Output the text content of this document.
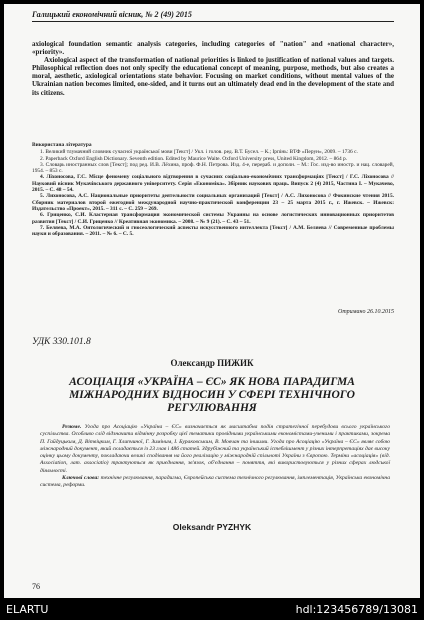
Галицький економічний вісник, № 2 (49) 2015

axiological foundation semantic analysis categories, including categories of "nation" and «national character», «priority».

Axiological aspect of the transformation of national priorities is linked to justification of national values and targets. Philosophical reflection does not only specify the educational concept of meaning, purpose, methods, but also creates a moral, aesthetic, axiological orientations state behavior. Focusing on market conditions, without mental values of the Ukrainian nation becomes limited, one-sided, and it turns out an ultimately dead end in the development of the state and its citizens.

Використана література
1. Великий тлумачний словник сучасної української мови [Текст] / Укл. і голов. ред. В.Т. Бусел. – К.; Ірпінь: ВТФ «Перун», 2009. – 1736 с.
2. Paperback Oxford English Dictionary. Seventh edition. Edited by Maurice Waite. Oxford University press, United Kingdom, 2012. – 864 р.
3. Словарь иностранных слов [Текст]; под ред. И.В. Лёхина, проф. Ф.Н. Петрова. Изд. 4-е, перераб. и дополн. – М.: Гос. изд-во иностр. и нац. словарей, 1954. – 853 с.
4. Ліхоносова, Г.С. Місце феномену соціального відтворення в сучасних соціально-економічних трансформаціях [Текст] / Г.С. Ліхоносова // Науковий вісник Мукачівського державного університету. Серія «Економіка». Збірник наукових праць. Випуск 2 (4) 2015, Частина І. – Мукачево, 2015. – С. 48 – 54.
5. Лихоносова, А.С. Национальные приоритеты деятельности социальных организаций [Текст] / А.С. Лихоносова // Фокинские чтения 2015. Сборник материалов второй ежегодной международной научно-практической конференции 23 – 25 марта 2015 г., г. Ижевск. – Ижевск: Издательство «Проект», 2015. – 311 с. – С. 259 – 269.
6. Гриценко, С.И. Кластерная трансформация экономической системы Украины на основе логистических инновационных приоритетов развития [Текст] / С.И. Гриценко // Креативная экономика. – 2008. – № 9 (21). – С. 43 – 51.
7. Беляева, М.А. Онтологический и гносеологический аспекты искусственного интеллекта [Текст] / А.М. Беляева // Современные проблемы науки и образования. – 2011. – № 6. – С. 5.
Отримано 26.10.2015
УДК 330.101.8
Олександр ПИЖИК
АСОЦІАЦІЯ «УКРАЇНА – ЄС» ЯК НОВА ПАРАДИГМА МІЖНАРОДНИХ ВІДНОСИН У СФЕРІ ТЕХНІЧНОГО РЕГУЛЮВАННЯ

Резюме. Угода про Асоціацію «Україна – ЄС» визначається як масштабна подія стратегічної перебудови всього українського суспільства. Особливо слід відзначити відмінну розробку цієї тематики провідними українськими економістами-ученими і практиками, зокрема П. Гайдуцьким, Д. Вітвіцким, Г. Хлипчиної, Г. Зиміним, І. Бураковським, В. Мовчан та іншими. Угода про Асоціацію «Україна – ЄС» являє собою міжнародний документ, який складається із 23 глав і 486 статей. Здрубіжний та український істеблішмент у різних інтерпретаціях дає високу оцінку цьому документу, покладаючи великі сподівання на його реалізацію у міжнародній спільноті України з Європою. Терміни «асоціація» (від. Association, лат. associatio) трактуються як приєднання, зв'язок, об'єднання – поняття, які використовуються у різних сферах людської діяльності.

Ключові слова: технічне регулювання, парадигма, Європейська система технічного регулювання, імплементація, Українська економічна система, реформи.

Oleksandr PYZHYK
76
ELARTU	hdl:123456789/13081
